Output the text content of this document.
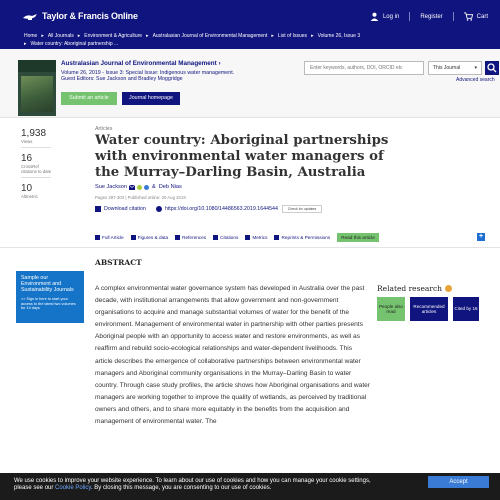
Taylor & Francis Online	Log in	Register	Cart
Home ▸ All Journals ▸ Environment & Agriculture ▸ Australasian Journal of Environmental Management ▸ List of Issues ▸ Volume 26, Issue 3
▸ Water country: Aboriginal partnership ...
Australasian Journal of Environmental Management ›
Volume 26, 2019 - Issue 3: Special Issue: Indigenous water management.
Guest Editors: Sue Jackson and Bradley Moggridge
Submit an article	Journal homepage
Enter keywords, authors, DOI, ORCID etc
This Journal	▾
Advanced search
1,938
Views
16
CrossRef citations to date
10
Altmetric
Articles
Water country: Aboriginal partnerships with environmental water managers of the Murray–Darling Basin, Australia
Sue Jackson	& Deb Nias
Pages 287-303 | Published online: 20 Aug 2019
Download citation	https://doi.org/10.1080/14486563.2019.1644544	Check for updates
Full Article	Figures & data	References	Citations	Metrics	Reprints & Permissions	Read this article	+
Sample our Environment and Sustainability Journals
>> Sign in here to start your access to the latest two volumes for 14 days
ABSTRACT
A complex environmental water governance system has developed in Australia over the past decade, with institutional arrangements that allow government and non-government organisations to acquire and manage substantial volumes of water for the benefit of the environment. Management of environmental water in partnership with other parties presents Aboriginal people with an opportunity to access water and restore environments, as well as reaffirm and rebuild socio-ecological relationships and water-dependent livelihoods. This article describes the emergence of collaborative partnerships between environmental water managers and Aboriginal community organisations in the Murray–Darling Basin to water country. Through case study profiles, the article shows how Aboriginal organisations and water managers are working together to improve the quality of wetlands, as perceived by traditional owners and others, and to share more equitably in the benefits from the acquisition and management of environmental water. The
Related research
People also read
Recommended articles
Cited by 16
We use cookies to improve your website experience. To learn about our use of cookies and how you can manage your cookie settings,
please see our Cookie Policy. By closing this message, you are consenting to our use of cookies.
Accept
